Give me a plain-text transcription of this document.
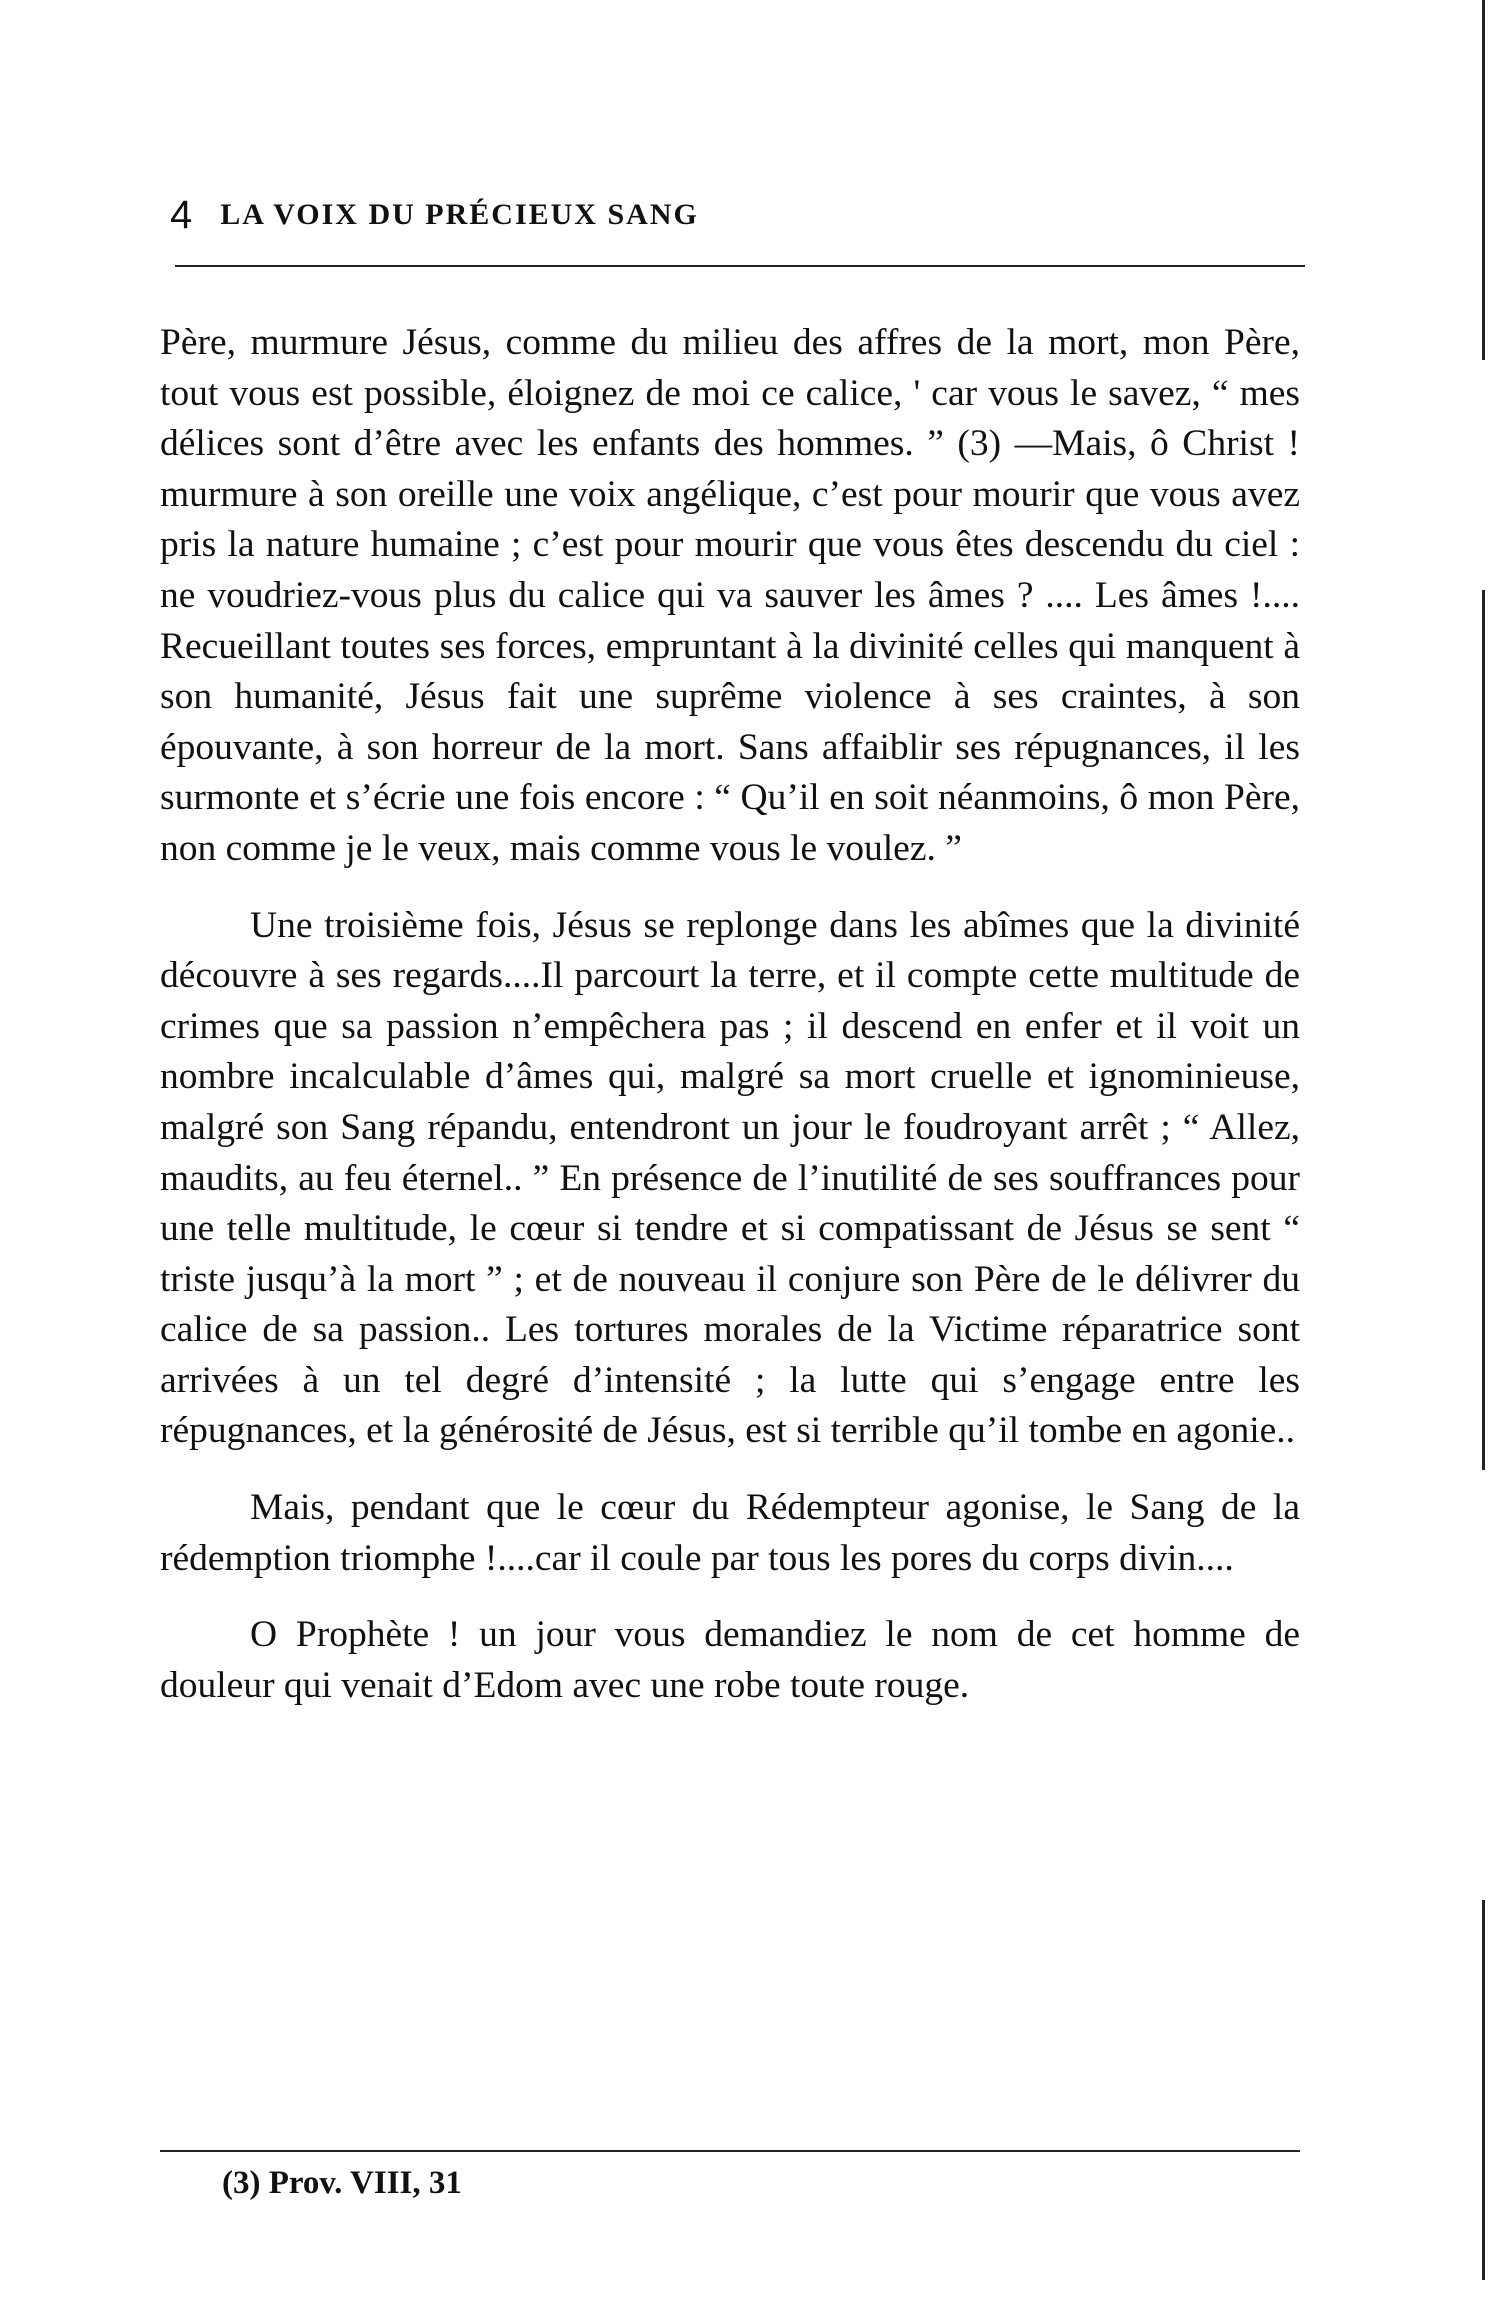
4 LA VOIX DU PRÉCIEUX SANG

Père, murmure Jésus, comme du milieu des affres de la mort, mon Père, tout vous est possible, éloignez de moi ce calice, ' car vous le savez, “ mes délices sont d’être avec les enfants des hommes. ” (3) —Mais, ô Christ ! murmure à son oreille une voix angélique, c’est pour mourir que vous avez pris la nature humaine ; c’est pour mourir que vous êtes descendu du ciel : ne voudriez-vous plus du calice qui va sauver les âmes ? .... Les âmes !.... Recueillant toutes ses forces, empruntant à la divinité celles qui manquent à son humanité, Jésus fait une suprême violence à ses craintes, à son épouvante, à son horreur de la mort. Sans affaiblir ses répugnances, il les surmonte et s’écrie une fois encore : “ Qu’il en soit néanmoins, ô mon Père, non comme je le veux, mais comme vous le voulez. ”

Une troisième fois, Jésus se replonge dans les abîmes que la divinité découvre à ses regards....Il parcourt la terre, et il compte cette multitude de crimes que sa passion n’empêchera pas ; il descend en enfer et il voit un nombre incalculable d’âmes qui, malgré sa mort cruelle et ignominieuse, malgré son Sang répandu, entendront un jour le foudroyant arrêt ; “ Allez, maudits, au feu éternel.. ” En présence de l’inutilité de ses souffrances pour une telle multitude, le cœur si tendre et si compatissant de Jésus se sent “ triste jusqu’à la mort ” ; et de nouveau il conjure son Père de le délivrer du calice de sa passion.. Les tortures morales de la Victime réparatrice sont arrivées à un tel degré d’intensité ; la lutte qui s’engage entre les répugnances, et la générosité de Jésus, est si terrible qu’il tombe en agonie..

Mais, pendant que le cœur du Rédempteur agonise, le Sang de la rédemption triomphe !....car il coule par tous les pores du corps divin....

O Prophète ! un jour vous demandiez le nom de cet homme de douleur qui venait d’Edom avec une robe toute rouge.

(3) Prov. VIII, 31
